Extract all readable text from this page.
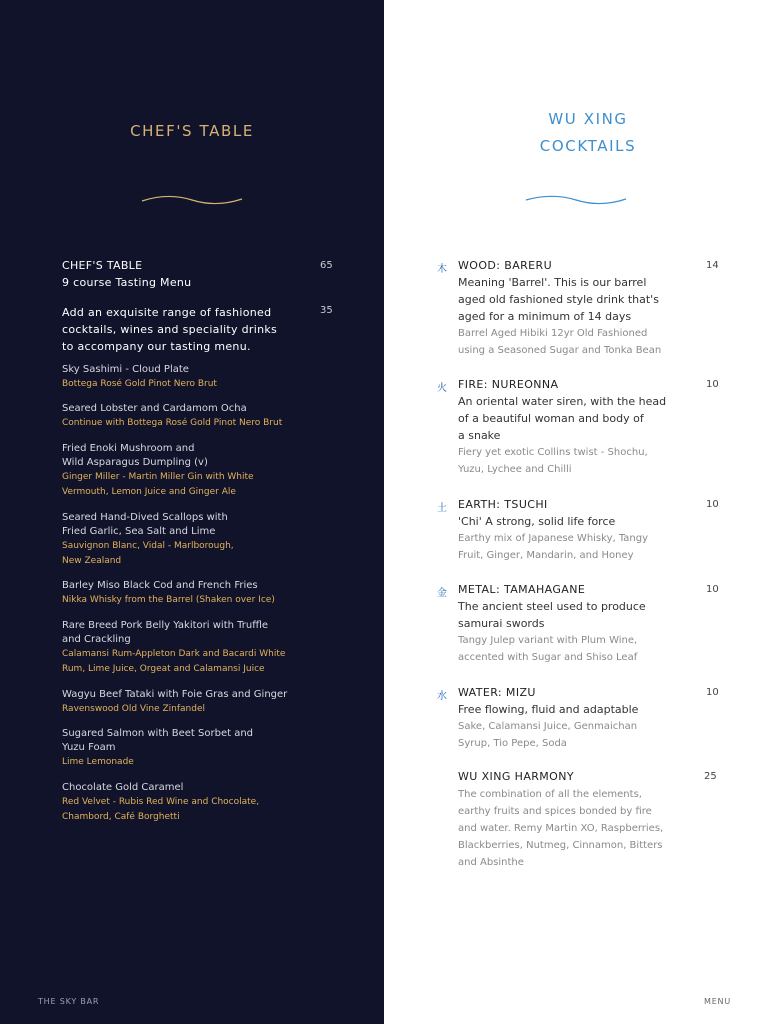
CHEF'S TABLE
CHEF'S TABLE	65
9 course Tasting Menu
Add an exquisite range of fashioned
cocktails, wines and speciality drinks
to accompany our tasting menu.
35
Sky Sashimi - Cloud Plate
Bottega Rosé Gold Pinot Nero Brut
Seared Lobster and Cardamom Ocha
Continue with Bottega Rosé Gold Pinot Nero Brut
Fried Enoki Mushroom and
Wild Asparagus Dumpling (v)
Ginger Miller - Martin Miller Gin with White
Vermouth, Lemon Juice and Ginger Ale
Seared Hand-Dived Scallops with
Fried Garlic, Sea Salt and Lime
Sauvignon Blanc, Vidal - Marlborough,
New Zealand
Barley Miso Black Cod and French Fries
Nikka Whisky from the Barrel (Shaken over Ice)
Rare Breed Pork Belly Yakitori with Truffle
and Crackling
Calamansi Rum-Appleton Dark and Bacardi White
Rum, Lime Juice, Orgeat and Calamansi Juice
Wagyu Beef Tataki with Foie Gras and Ginger
Ravenswood Old Vine Zinfandel
Sugared Salmon with Beet Sorbet and
Yuzu Foam
Lime Lemonade
Chocolate Gold Caramel
Red Velvet - Rubis Red Wine and Chocolate,
Chambord, Café Borghetti
THE SKY BAR
WU XING
COCKTAILS
木 WOOD: BARERU	14
Meaning 'Barrel'. This is our barrel
aged old fashioned style drink that's
aged for a minimum of 14 days
Barrel Aged Hibiki 12yr Old Fashioned
using a Seasoned Sugar and Tonka Bean
火 FIRE: NUREONNA	10
An oriental water siren, with the head
of a beautiful woman and body of
a snake
Fiery yet exotic Collins twist - Shochu,
Yuzu, Lychee and Chilli
土 EARTH: TSUCHI	10
'Chi' A strong, solid life force
Earthy mix of Japanese Whisky, Tangy
Fruit, Ginger, Mandarin, and Honey
金 METAL: TAMAHAGANE	10
The ancient steel used to produce
samurai swords
Tangy Julep variant with Plum Wine,
accented with Sugar and Shiso Leaf
水 WATER: MIZU	10
Free flowing, fluid and adaptable
Sake, Calamansi Juice, Genmaichan
Syrup, Tio Pepe, Soda
WU XING HARMONY	25
The combination of all the elements,
earthy fruits and spices bonded by fire
and water. Remy Martin XO, Raspberries,
Blackberries, Nutmeg, Cinnamon, Bitters
and Absinthe
MENU
